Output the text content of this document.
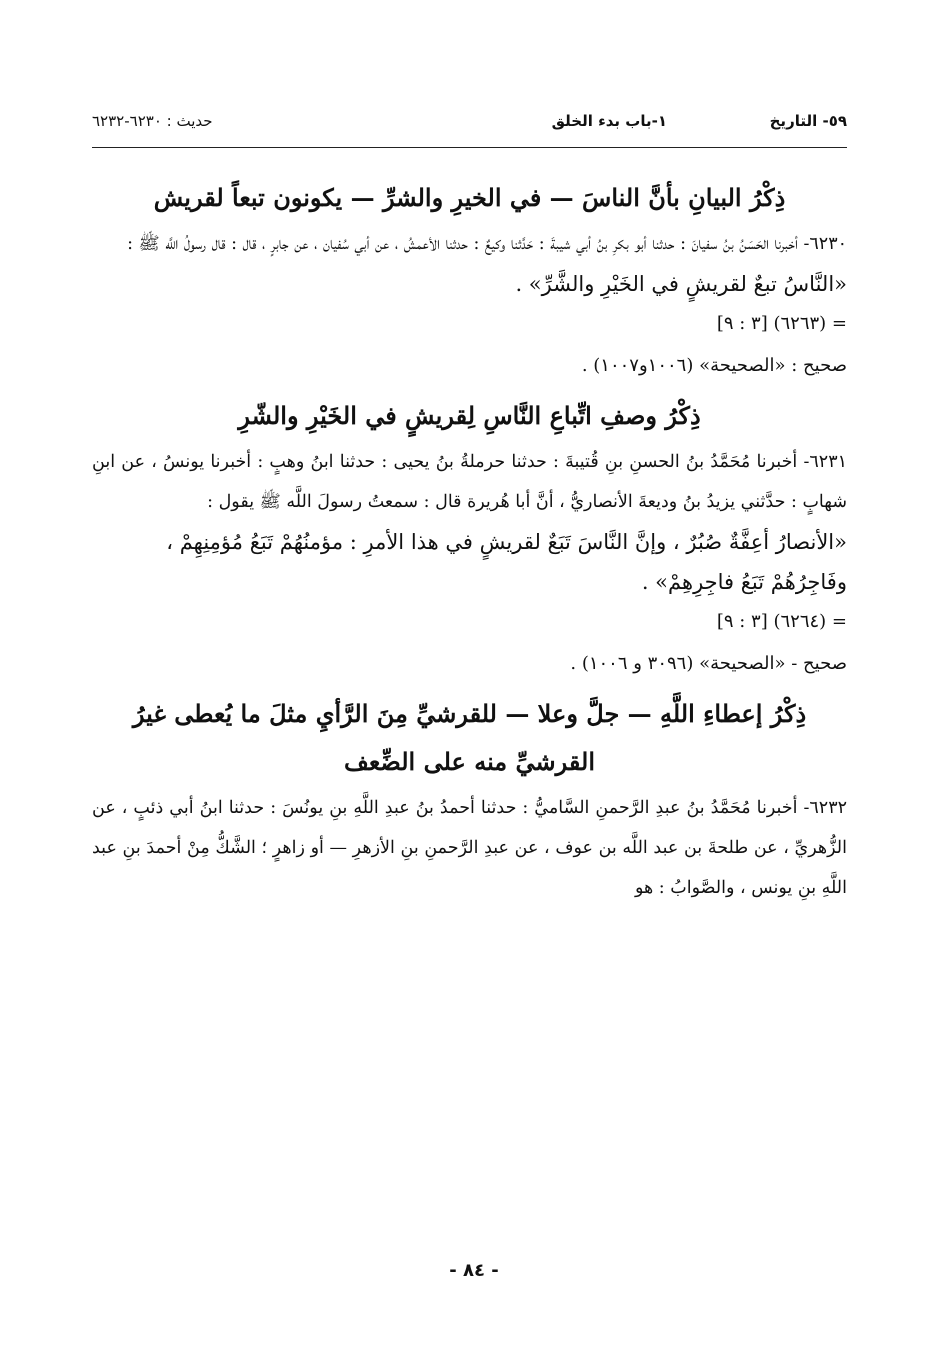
٥٩- التاريخ
١-باب بدء الخلق
حديث : ٦٢٣٠-٦٢٣٢
ذِكْرُ البيانِ بأنَّ الناسَ — في الخيرِ والشرِّ — يكونون تبعاً لقريش

٦٢٣٠- أخبرنا الحَسَنُ بنُ سفيانَ : حدثنا أبو بكرِ بنُ أبي شيبةَ : حَدَّثنا وكيعٌ : حدثنا الأعمشُ ، عن أبي سُفيان ، عن جابرٍ ، قال : قال رسولُ اللَّه ﷺ :

«النَّاسُ تبعٌ لقريشٍ في الخَيْرِ والشَّرِّ» .

= (٦٢٦٣) [٣ : ٩]

صحيح : «الصحيحة» (١٠٠٦و١٠٠٧) .

ذِكْرُ وصفِ اتِّباعِ النَّاسِ لِقريشٍ في الخَيْرِ والشّرِ

٦٢٣١- أخبرنا مُحَمَّدُ بنُ الحسنِ بنِ قُتيبةَ : حدثنا حرملةُ بنُ يحيى : حدثنا ابنُ وهبٍ : أخبرنا يونسُ ، عن ابنِ شهابٍ : حدَّثني يزيدُ بنُ وديعةَ الأنصاريُّ ، أنَّ أبا هُريرة قال : سمعتُ رسولَ اللَّه ﷺ يقول :

«الأنصارُ أعِفَّةٌ صُبُرٌ ، وإنَّ النَّاسَ تَبَعٌ لقريشٍ في هذا الأمرِ : مؤمنُهُمْ تَبَعُ مُؤمِنِهِمْ ، وفَاجِرُهُمْ تَبَعُ فاجِرِهِمْ» .

= (٦٢٦٤) [٣ : ٩]

صحيح - «الصحيحة» (٣٠٩٦ و ١٠٠٦) .

ذِكْرُ إعطاءِ اللَّهِ — جلَّ وعلا — للقرشيِّ مِنَ الرَّأيِ مثلَ ما يُعطى غيرُ القرشيِّ منه على الضِّعف

٦٢٣٢- أخبرنا مُحَمَّدُ بنُ عبدِ الرَّحمنِ السَّاميُّ : حدثنا أحمدُ بنُ عبدِ اللَّهِ بنِ يونُسَ : حدثنا ابنُ أبي ذئبٍ ، عن الزُّهريِّ ، عن طلحةَ بن عبد اللَّه بن عوف ، عن عبدِ الرَّحمنِ بنِ الأزهرِ — أو زاهرٍ ؛ الشَّكُّ مِنْ أحمدَ بنِ عبد اللَّهِ بنِ يونس ، والصَّوابُ : هو

- ٨٤ -
